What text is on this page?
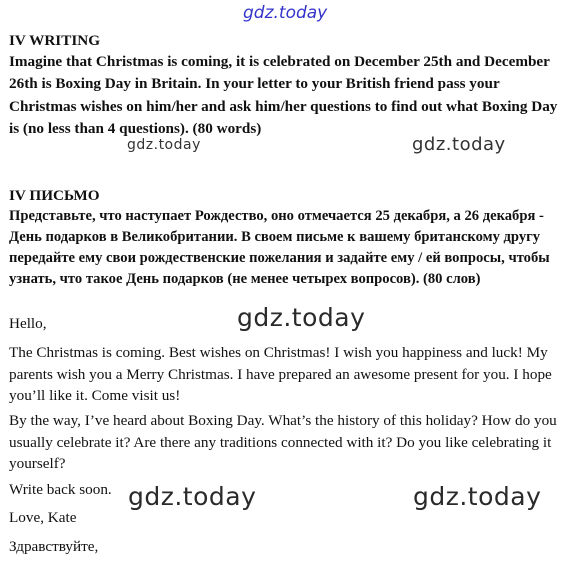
gdz.today
gdz.today	gdz.today
gdz.today
gdz.today	gdz.today

IV WRITING

Imagine that Christmas is coming, it is celebrated on December 25th and December 26th is Boxing Day in Britain. In your letter to your British friend pass your Christmas wishes on him/her and ask him/her questions to find out what Boxing Day is (no less than 4 questions). (80 words)

IV ПИСЬМО

Представьте, что наступает Рождество, оно отмечается 25 декабря, а 26 декабря - День подарков в Великобритании. В своем письме к вашему британскому другу передайте ему свои рождественские пожелания и задайте ему / ей вопросы, чтобы узнать, что такое День подарков (не менее четырех вопросов). (80 слов)

Hello,
The Christmas is coming. Best wishes on Christmas! I wish you happiness and luck! My parents wish you a Merry Christmas. I have prepared an awesome present for you. I hope you’ll like it. Come visit us!
By the way, I’ve heard about Boxing Day. What’s the history of this holiday? How do you usually celebrate it? Are there any traditions connected with it? Do you like celebrating it yourself?
Write back soon.
Love, Kate
Здравствуйте,
